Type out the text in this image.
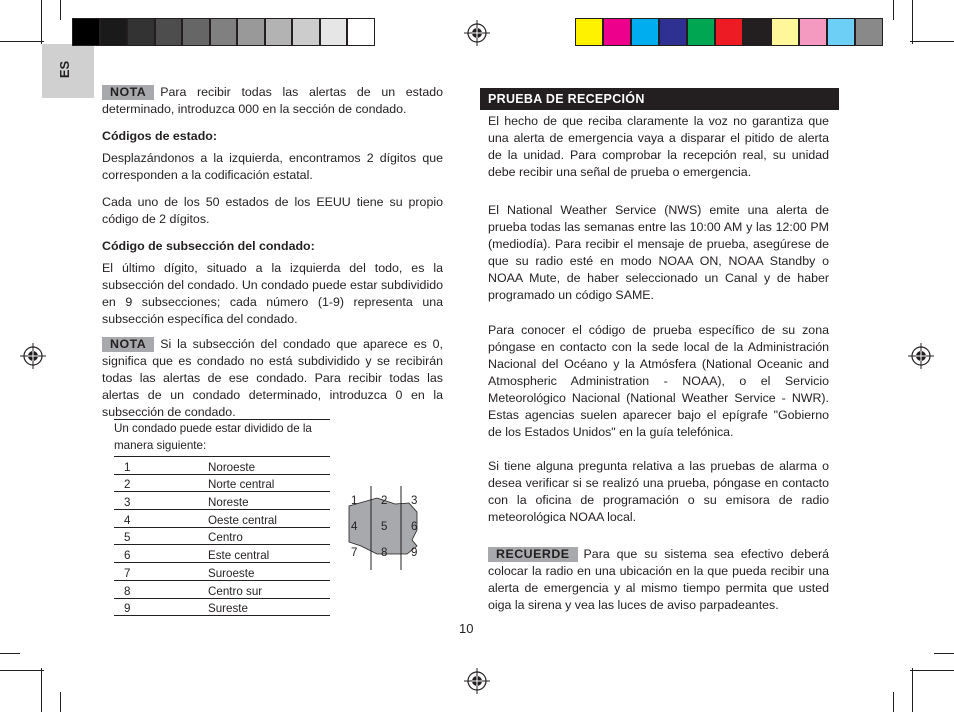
ES
NOTA Para recibir todas las alertas de un estado determinado, introduzca 000 en la sección de condado.
Códigos de estado:
Desplazándonos a la izquierda, encontramos 2 dígitos que corresponden a la codificación estatal.
Cada uno de los 50 estados de los EEUU tiene su propio código de 2 dígitos.
Código de subsección del condado:
El último dígito, situado a la izquierda del todo, es la subsección del condado. Un condado puede estar subdividido en 9 subsecciones; cada número (1-9) representa una subsección específica del condado.
NOTA Si la subsección del condado que aparece es 0, significa que es condado no está subdividido y se recibirán todas las alertas de ese condado. Para recibir todas las alertas de un condado determinado, introduzca 0 en la subsección de condado.
Un condado puede estar dividido de la manera siguiente:	
1	Noroeste
2	Norte central
3	Noreste
4	Oeste central
5	Centro
6	Este central
7	Suroeste
8	Centro sur
9	Sureste
1 2 3
4 5 6
7 8 9
PRUEBA DE RECEPCIÓN
El hecho de que reciba claramente la voz no garantiza que una alerta de emergencia vaya a disparar el pitido de alerta de la unidad. Para comprobar la recepción real, su unidad debe recibir una señal de prueba o emergencia.
El National Weather Service (NWS) emite una alerta de prueba todas las semanas entre las 10:00 AM y las 12:00 PM (mediodía). Para recibir el mensaje de prueba, asegúrese de que su radio esté en modo NOAA ON, NOAA Standby o NOAA Mute, de haber seleccionado un Canal y de haber programado un código SAME.
Para conocer el código de prueba específico de su zona póngase en contacto con la sede local de la Administración Nacional del Océano y la Atmósfera (National Oceanic and Atmospheric Administration - NOAA), o el Servicio Meteorológico Nacional (National Weather Service - NWR). Estas agencias suelen aparecer bajo el epígrafe "Gobierno de los Estados Unidos" en la guía telefónica.
Si tiene alguna pregunta relativa a las pruebas de alarma o desea verificar si se realizó una prueba, póngase en contacto con la oficina de programación o su emisora de radio meteorológica NOAA local.
RECUERDE Para que su sistema sea efectivo deberá colocar la radio en una ubicación en la que pueda recibir una alerta de emergencia y al mismo tiempo permita que usted oiga la sirena y vea las luces de aviso parpadeantes.
10
